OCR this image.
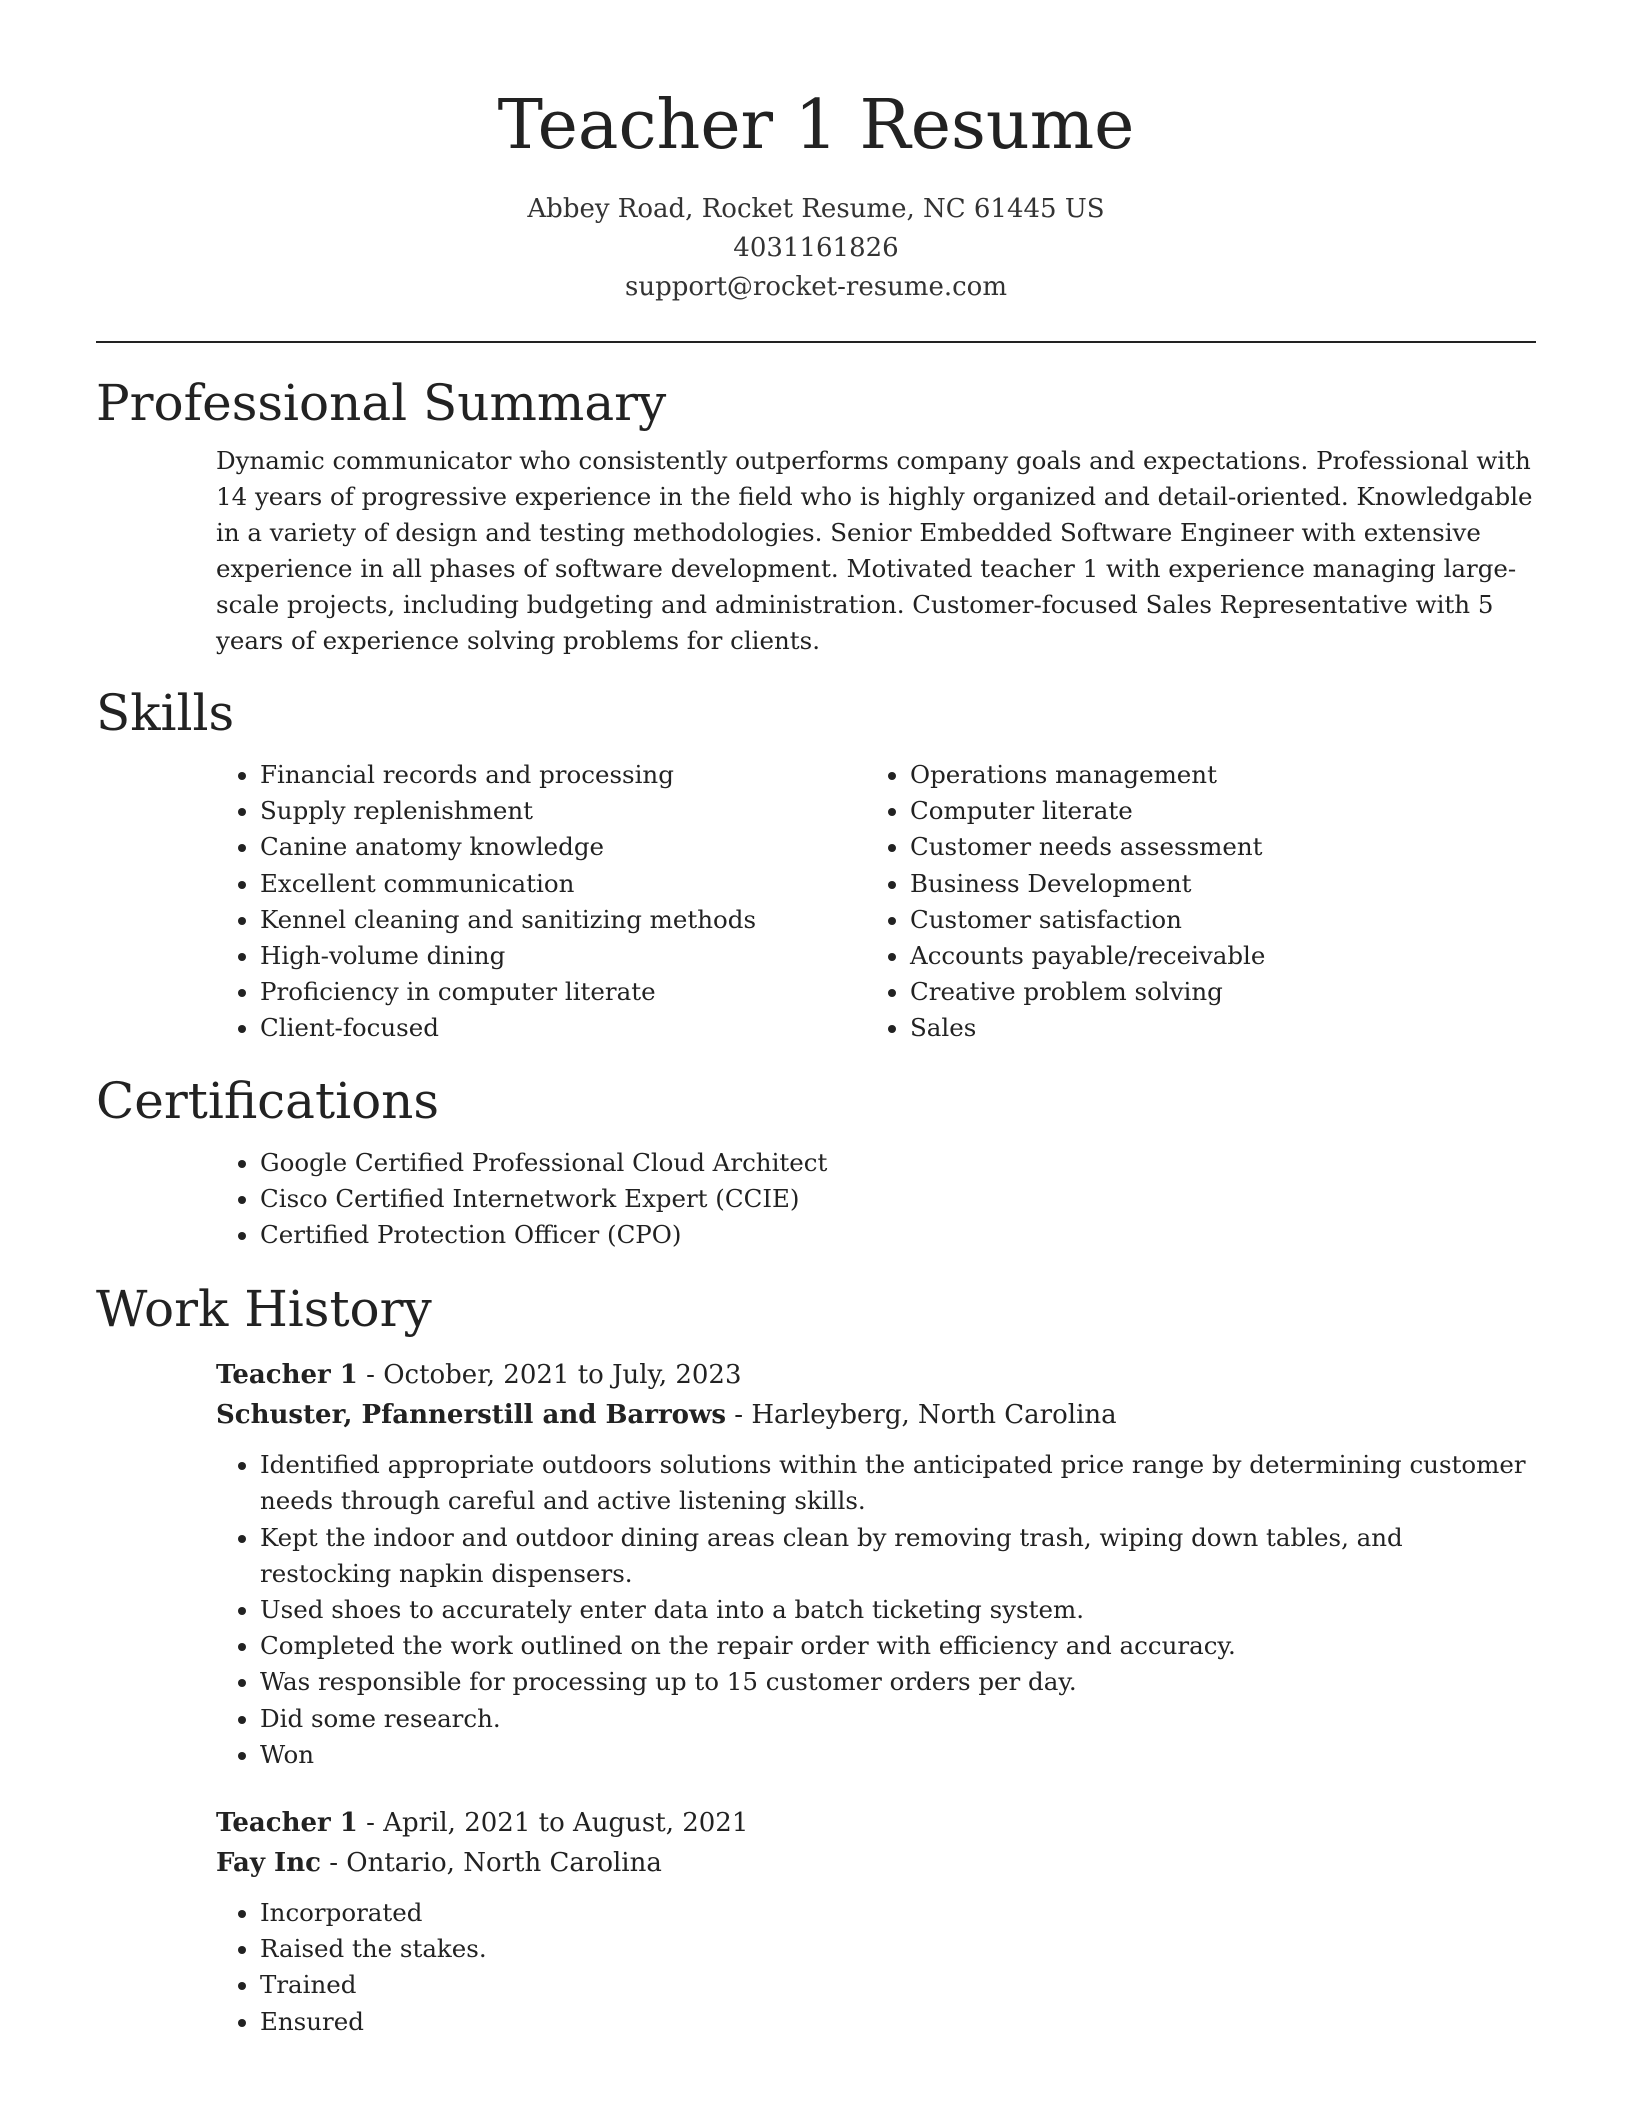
Teacher 1 Resume
Abbey Road, Rocket Resume, NC 61445 US
4031161826
support@rocket-resume.com
Professional Summary

Dynamic communicator who consistently outperforms company goals and expectations. Professional with 14 years of progressive experience in the field who is highly organized and detail-oriented. Knowledgable in a variety of design and testing methodologies. Senior Embedded Software Engineer with extensive experience in all phases of software development. Motivated teacher 1 with experience managing large-scale projects, including budgeting and administration. Customer-focused Sales Representative with 5 years of experience solving problems for clients.

Skills
• Financial records and processing
• Supply replenishment
• Canine anatomy knowledge
• Excellent communication
• Kennel cleaning and sanitizing methods
• High-volume dining
• Proficiency in computer literate
• Client-focused
• Operations management
• Computer literate
• Customer needs assessment
• Business Development
• Customer satisfaction
• Accounts payable/receivable
• Creative problem solving
• Sales
Certifications
• Google Certified Professional Cloud Architect
• Cisco Certified Internetwork Expert (CCIE)
• Certified Protection Officer (CPO)
Work History
Teacher 1 - October, 2021 to July, 2023
Schuster, Pfannerstill and Barrows - Harleyberg, North Carolina
• Identified appropriate outdoors solutions within the anticipated price range by determining customer needs through careful and active listening skills.
• Kept the indoor and outdoor dining areas clean by removing trash, wiping down tables, and restocking napkin dispensers.
• Used shoes to accurately enter data into a batch ticketing system.
• Completed the work outlined on the repair order with efficiency and accuracy.
• Was responsible for processing up to 15 customer orders per day.
• Did some research.
• Won
Teacher 1 - April, 2021 to August, 2021
Fay Inc - Ontario, North Carolina
• Incorporated
• Raised the stakes.
• Trained
• Ensured
